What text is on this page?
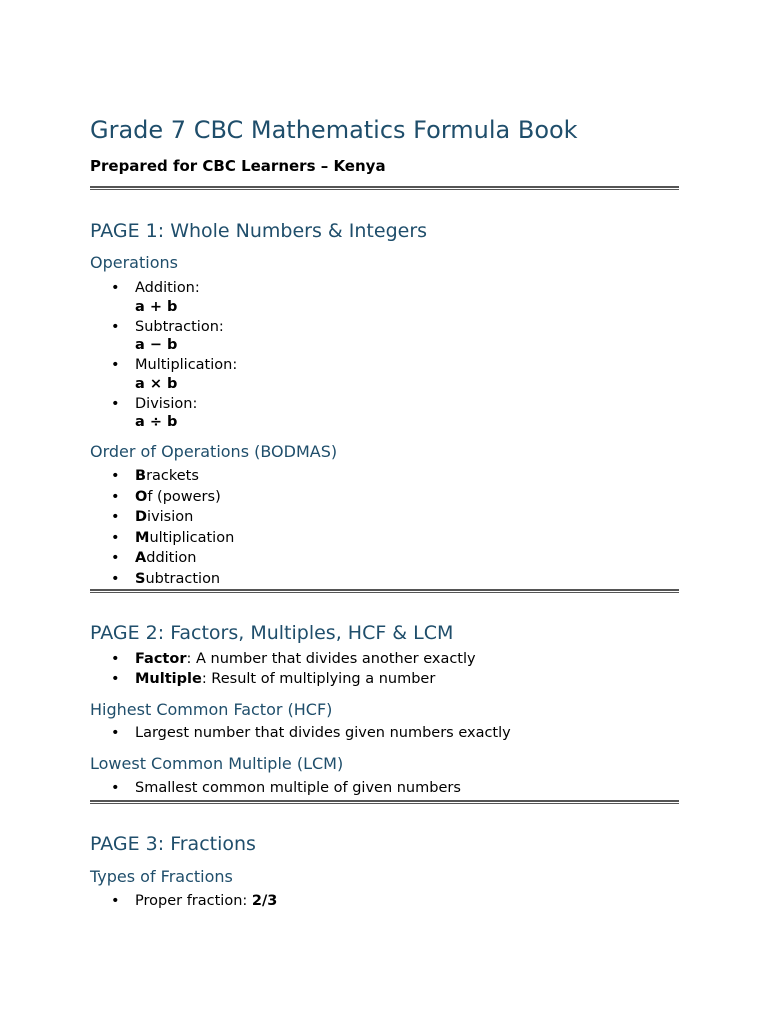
Grade 7 CBC Mathematics Formula Book
Prepared for CBC Learners – Kenya
PAGE 1: Whole Numbers & Integers
Operations
• Addition:
a + b
• Subtraction:
a − b
• Multiplication:
a × b
• Division:
a ÷ b
Order of Operations (BODMAS)
• Brackets
• Of (powers)
• Division
• Multiplication
• Addition
• Subtraction
PAGE 2: Factors, Multiples, HCF & LCM
• Factor: A number that divides another exactly
• Multiple: Result of multiplying a number
Highest Common Factor (HCF)
• Largest number that divides given numbers exactly
Lowest Common Multiple (LCM)
• Smallest common multiple of given numbers
PAGE 3: Fractions
Types of Fractions
• Proper fraction: 2/3
